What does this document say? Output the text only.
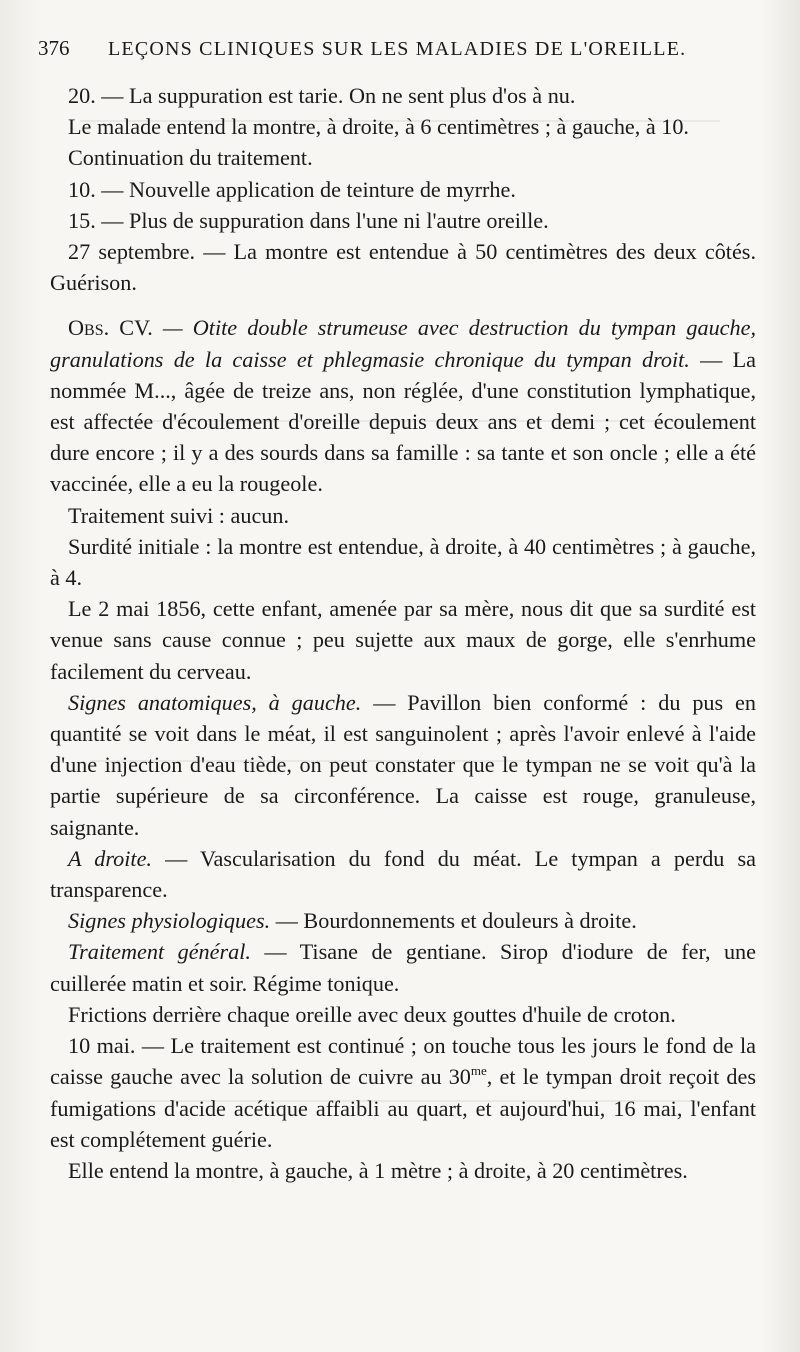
376	LEÇONS CLINIQUES SUR LES MALADIES DE L'OREILLE.

20. — La suppuration est tarie. On ne sent plus d'os à nu.

Le malade entend la montre, à droite, à 6 centimètres ; à gauche, à 10.

Continuation du traitement.

10. — Nouvelle application de teinture de myrrhe.

15. — Plus de suppuration dans l'une ni l'autre oreille.

27 septembre. — La montre est entendue à 50 centimètres des deux côtés. Guérison.

Obs. CV. — Otite double strumeuse avec destruction du tympan gauche, granulations de la caisse et phlegmasie chronique du tympan droit. — La nommée M..., âgée de treize ans, non réglée, d'une constitution lymphatique, est affectée d'écoulement d'oreille depuis deux ans et demi ; cet écoulement dure encore ; il y a des sourds dans sa famille : sa tante et son oncle ; elle a été vaccinée, elle a eu la rougeole.

Traitement suivi : aucun.

Surdité initiale : la montre est entendue, à droite, à 40 centimètres ; à gauche, à 4.

Le 2 mai 1856, cette enfant, amenée par sa mère, nous dit que sa surdité est venue sans cause connue ; peu sujette aux maux de gorge, elle s'enrhume facilement du cerveau.

Signes anatomiques, à gauche. — Pavillon bien conformé : du pus en quantité se voit dans le méat, il est sanguinolent ; après l'avoir enlevé à l'aide d'une injection d'eau tiède, on peut constater que le tympan ne se voit qu'à la partie supérieure de sa circonférence. La caisse est rouge, granuleuse, saignante.

A droite. — Vascularisation du fond du méat. Le tympan a perdu sa transparence.

Signes physiologiques. — Bourdonnements et douleurs à droite.

Traitement général. — Tisane de gentiane. Sirop d'iodure de fer, une cuillerée matin et soir. Régime tonique.

Frictions derrière chaque oreille avec deux gouttes d'huile de croton.

10 mai. — Le traitement est continué ; on touche tous les jours le fond de la caisse gauche avec la solution de cuivre au $30^{me}$, et le tympan droit reçoit des fumigations d'acide acétique affaibli au quart, et aujourd'hui, 16 mai, l'enfant est complétement guérie.

Elle entend la montre, à gauche, à 1 mètre ; à droite, à 20 centimètres.
